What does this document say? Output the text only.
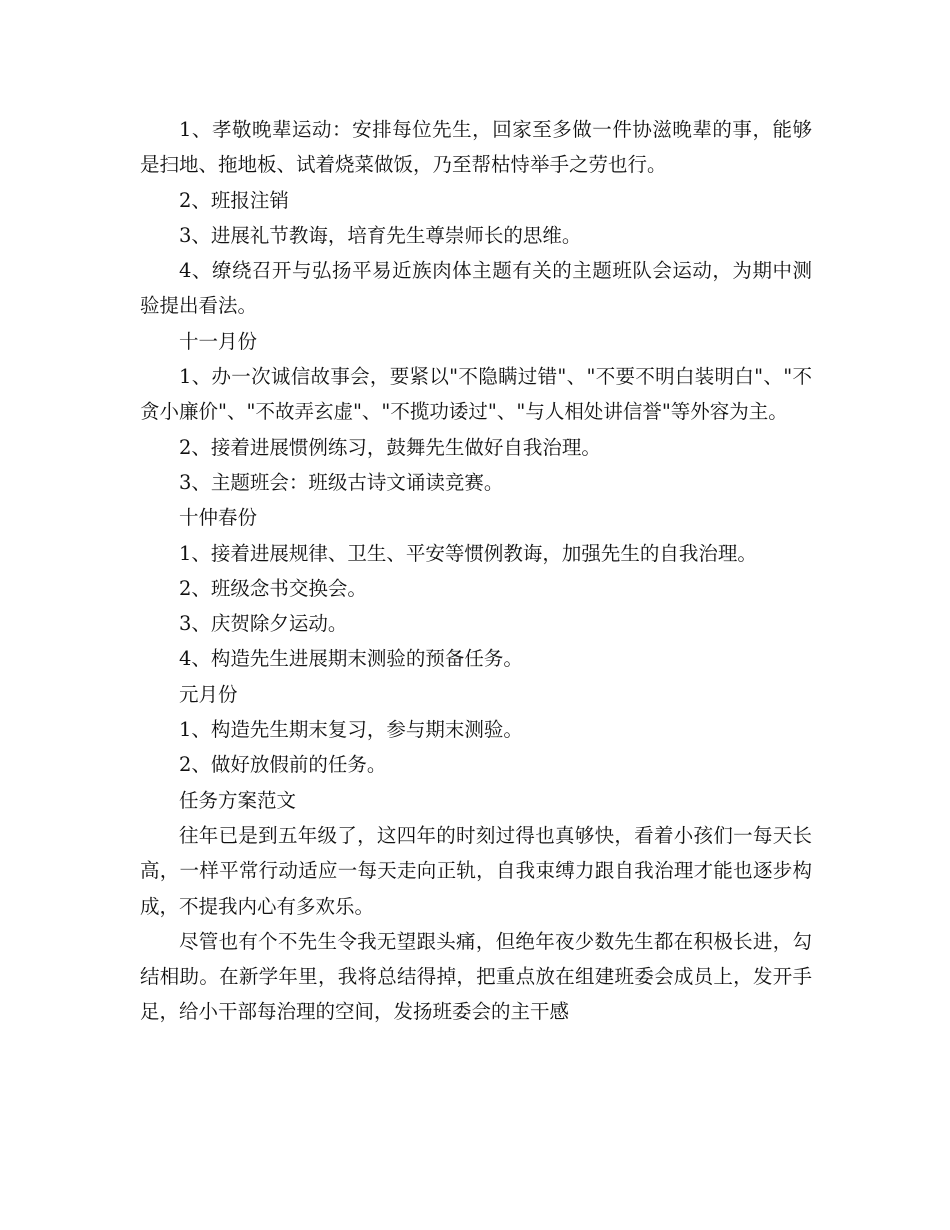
1、孝敬晚辈运动：安排每位先生，回家至多做一件协滋晚辈的事，能够是扫地、拖地板、试着烧菜做饭，乃至帮枯恃举手之劳也行。

2、班报注销

3、进展礼节教诲，培育先生尊崇师长的思维。

4、缭绕召开与弘扬平易近族肉体主题有关的主题班队会运动，为期中测验提出看法。

十一月份

1、办一次诚信故事会，要紧以"不隐瞒过错"、"不要不明白装明白"、"不贪小廉价"、"不故弄玄虚"、"不揽功诿过"、"与人相处讲信誉"等外容为主。

2、接着进展惯例练习，鼓舞先生做好自我治理。

3、主题班会：班级古诗文诵读竞赛。

十仲春份

1、接着进展规律、卫生、平安等惯例教诲，加强先生的自我治理。

2、班级念书交换会。

3、庆贺除夕运动。

4、构造先生进展期末测验的预备任务。

元月份

1、构造先生期末复习，参与期末测验。

2、做好放假前的任务。

任务方案范文

往年已是到五年级了，这四年的时刻过得也真够快，看着小孩们一每天长高，一样平常行动适应一每天走向正轨，自我束缚力跟自我治理才能也逐步构成，不提我内心有多欢乐。

尽管也有个不先生令我无望跟头痛，但绝年夜少数先生都在积极长进，勾结相助。在新学年里，我将总结得掉，把重点放在组建班委会成员上，发开手足，给小干部每治理的空间，发扬班委会的主干感
